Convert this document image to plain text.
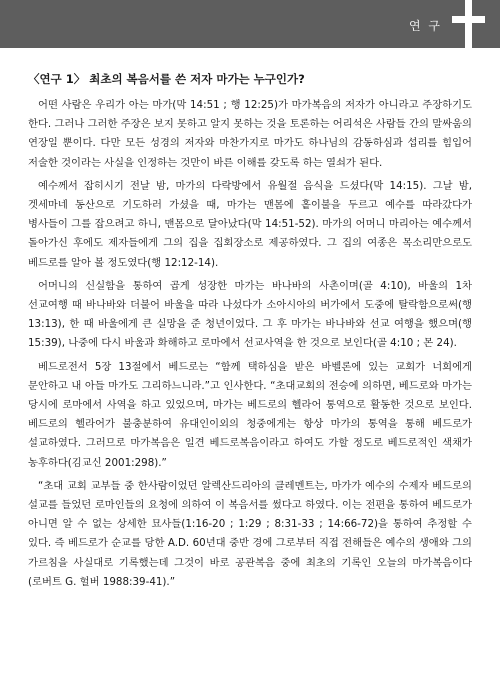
연 구
〈연구 1〉 최초의 복음서를 쓴 저자 마가는 누구인가?

어떤 사람은 우리가 아는 마가(막 14:51 ; 행 12:25)가 마가복음의 저자가 아니라고 주장하기도 한다. 그러나 그러한 주장은 보지 못하고 알지 못하는 것을 토론하는 어리석은 사람들 간의 말싸움의 연장일 뿐이다. 다만 모든 성경의 저자와 마찬가지로 마가도 하나님의 감동하심과 섭리를 힘입어 저술한 것이라는 사실을 인정하는 것만이 바른 이해를 갖도록 하는 열쇠가 된다.

예수께서 잡히시기 전날 밤, 마가의 다락방에서 유월절 음식을 드셨다(막 14:15). 그날 밤, 겟세마네 동산으로 기도하러 가셨을 때, 마가는 맨몸에 홑이불을 두르고 예수를 따라갔다가 병사들이 그를 잡으려고 하니, 맨몸으로 달아났다(막 14:51-52). 마가의 어머니 마리아는 예수께서 돌아가신 후에도 제자들에게 그의 집을 집회장소로 제공하였다. 그 집의 여종은 목소리만으로도 베드로를 알아 볼 정도였다(행 12:12-14).

어머니의 신실함을 통하여 곱게 성장한 마가는 바나바의 사촌이며(골 4:10), 바울의 1차 선교여행 때 바나바와 더불어 바울을 따라 나섰다가 소아시아의 버가에서 도중에 탈락함으로써(행 13:13), 한 때 바울에게 큰 실망을 준 청년이었다. 그 후 마가는 바나바와 선교 여행을 했으며(행 15:39), 나중에 다시 바울과 화해하고 로마에서 선교사역을 한 것으로 보인다(골 4:10 ; 몬 24).

베드로전서 5장 13절에서 베드로는 “함께 택하심을 받은 바벨론에 있는 교회가 너희에게 문안하고 내 아들 마가도 그리하느니라.”고 인사한다. “초대교회의 전승에 의하면, 베드로와 마가는 당시에 로마에서 사역을 하고 있었으며, 마가는 베드로의 헬라어 통역으로 활동한 것으로 보인다. 베드로의 헬라어가 불충분하여 유대인이외의 청중에게는 항상 마가의 통역을 통해 베드로가 설교하였다. 그러므로 마가복음은 일견 베드로복음이라고 하여도 가할 정도로 베드로적인 색채가 농후하다(김교신 2001:298).”

“초대 교회 교부들 중 한사람이었던 알렉산드리아의 클레멘트는, 마가가 예수의 수제자 베드로의 설교를 들었던 로마인들의 요청에 의하여 이 복음서를 썼다고 하였다. 이는 전편을 통하여 베드로가 아니면 알 수 없는 상세한 묘사들(1:16-20 ; 1:29 ; 8:31-33 ; 14:66-72)을 통하여 추정할 수 있다. 즉 베드로가 순교를 당한 A.D. 60년대 중반 경에 그로부터 직접 전해들은 예수의 생애와 그의 가르침을 사실대로 기록했는데 그것이 바로 공관복음 중에 최초의 기록인 오늘의 마가복음이다(로버트 G. 헐버 1988:39-41).”
